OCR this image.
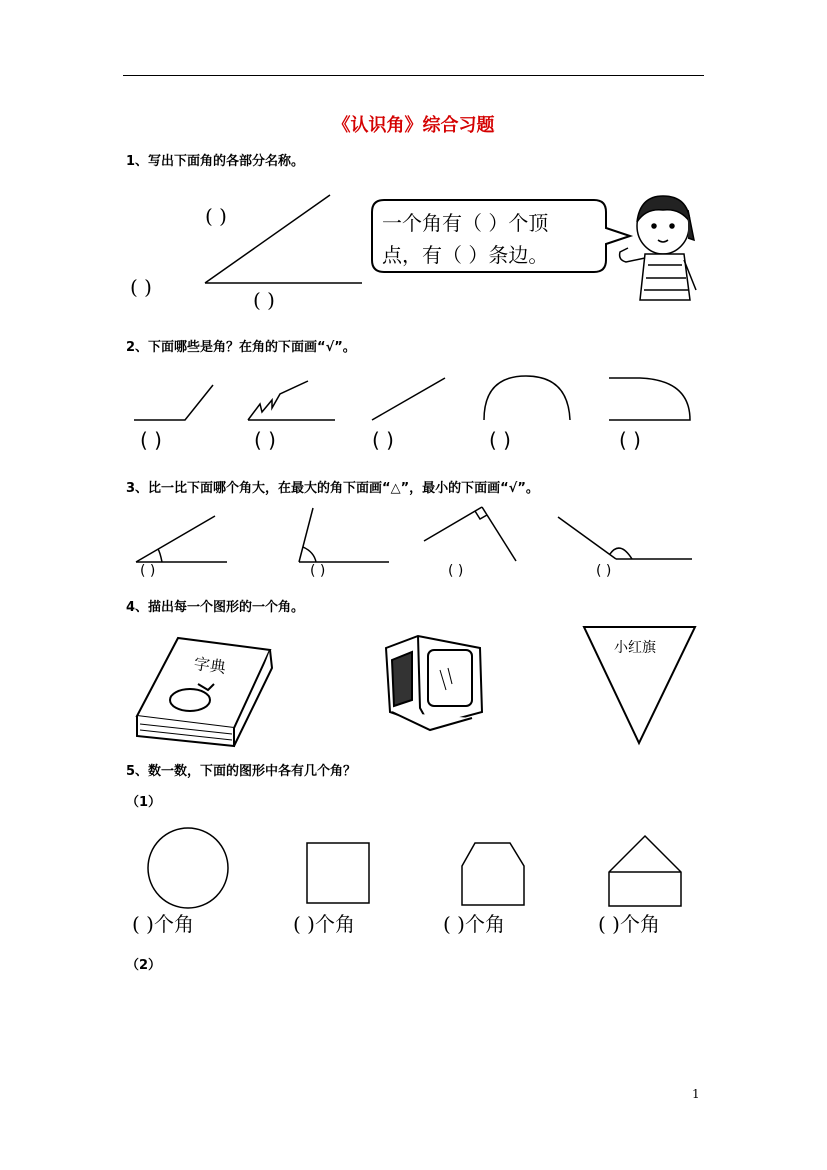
《认识角》综合习题
1、写出下面角的各部分名称。
( )
( )
( )
一个角有（ ）个顶
点，有（ ）条边。
2、下面哪些是角？在角的下面画“√”。
( )	( )	( )	( )	( )
3、比一比下面哪个角大，在最大的角下面画“△”，最小的下面画“√”。
( )	( )	( )	( )
4、描出每一个图形的一个角。
字典
小红旗
5、数一数，下面的图形中各有几个角？
（1）
( )个角	( )个角	( )个角	( )个角
（2）
1
